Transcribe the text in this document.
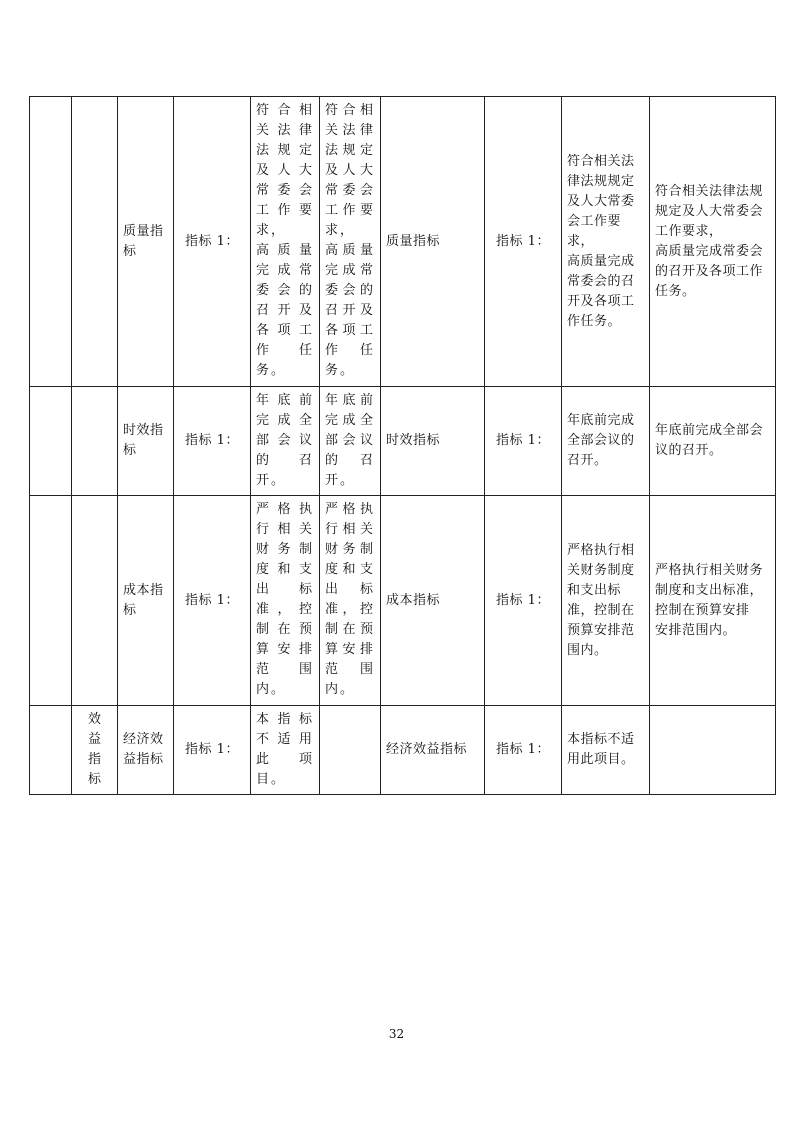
		质量指标	指标 1：	符合相关法律法规定及人大常委会工作要求，
高质量完成常委会的召开及各项工作任务。	符合相关法律法规定及人大常委会工作要求，
高质量完成常委会的召开及各项工作任务。	质量指标	指标 1：	符合相关法律法规规定及人大常委会工作要求，
高质量完成常委会的召开及各项工作任务。	符合相关法律法规规定及人大常委会工作要求，
高质量完成常委会的召开及各项工作任务。
		时效指标	指标 1：	年底前完成全部会议的召开。	年底前完成全部会议的召开。	时效指标	指标 1：	年底前完成全部会议的召开。	年底前完成全部会议的召开。
		成本指标	指标 1：	严格执行相关财务制度和支出标准，控制在预算安排范围内。	严格执行相关财务制度和支出标准，控制在预算安排范围内。	成本指标	指标 1：	严格执行相关财务制度和支出标准，控制在预算安排范围内。	严格执行相关财务制度和支出标准，控制在预算安排
安排范围内。
	效益指标	经济效益指标	指标 1：	本指标不适用此项目。		经济效益指标	指标 1：	本指标不适用此项目。	
32
